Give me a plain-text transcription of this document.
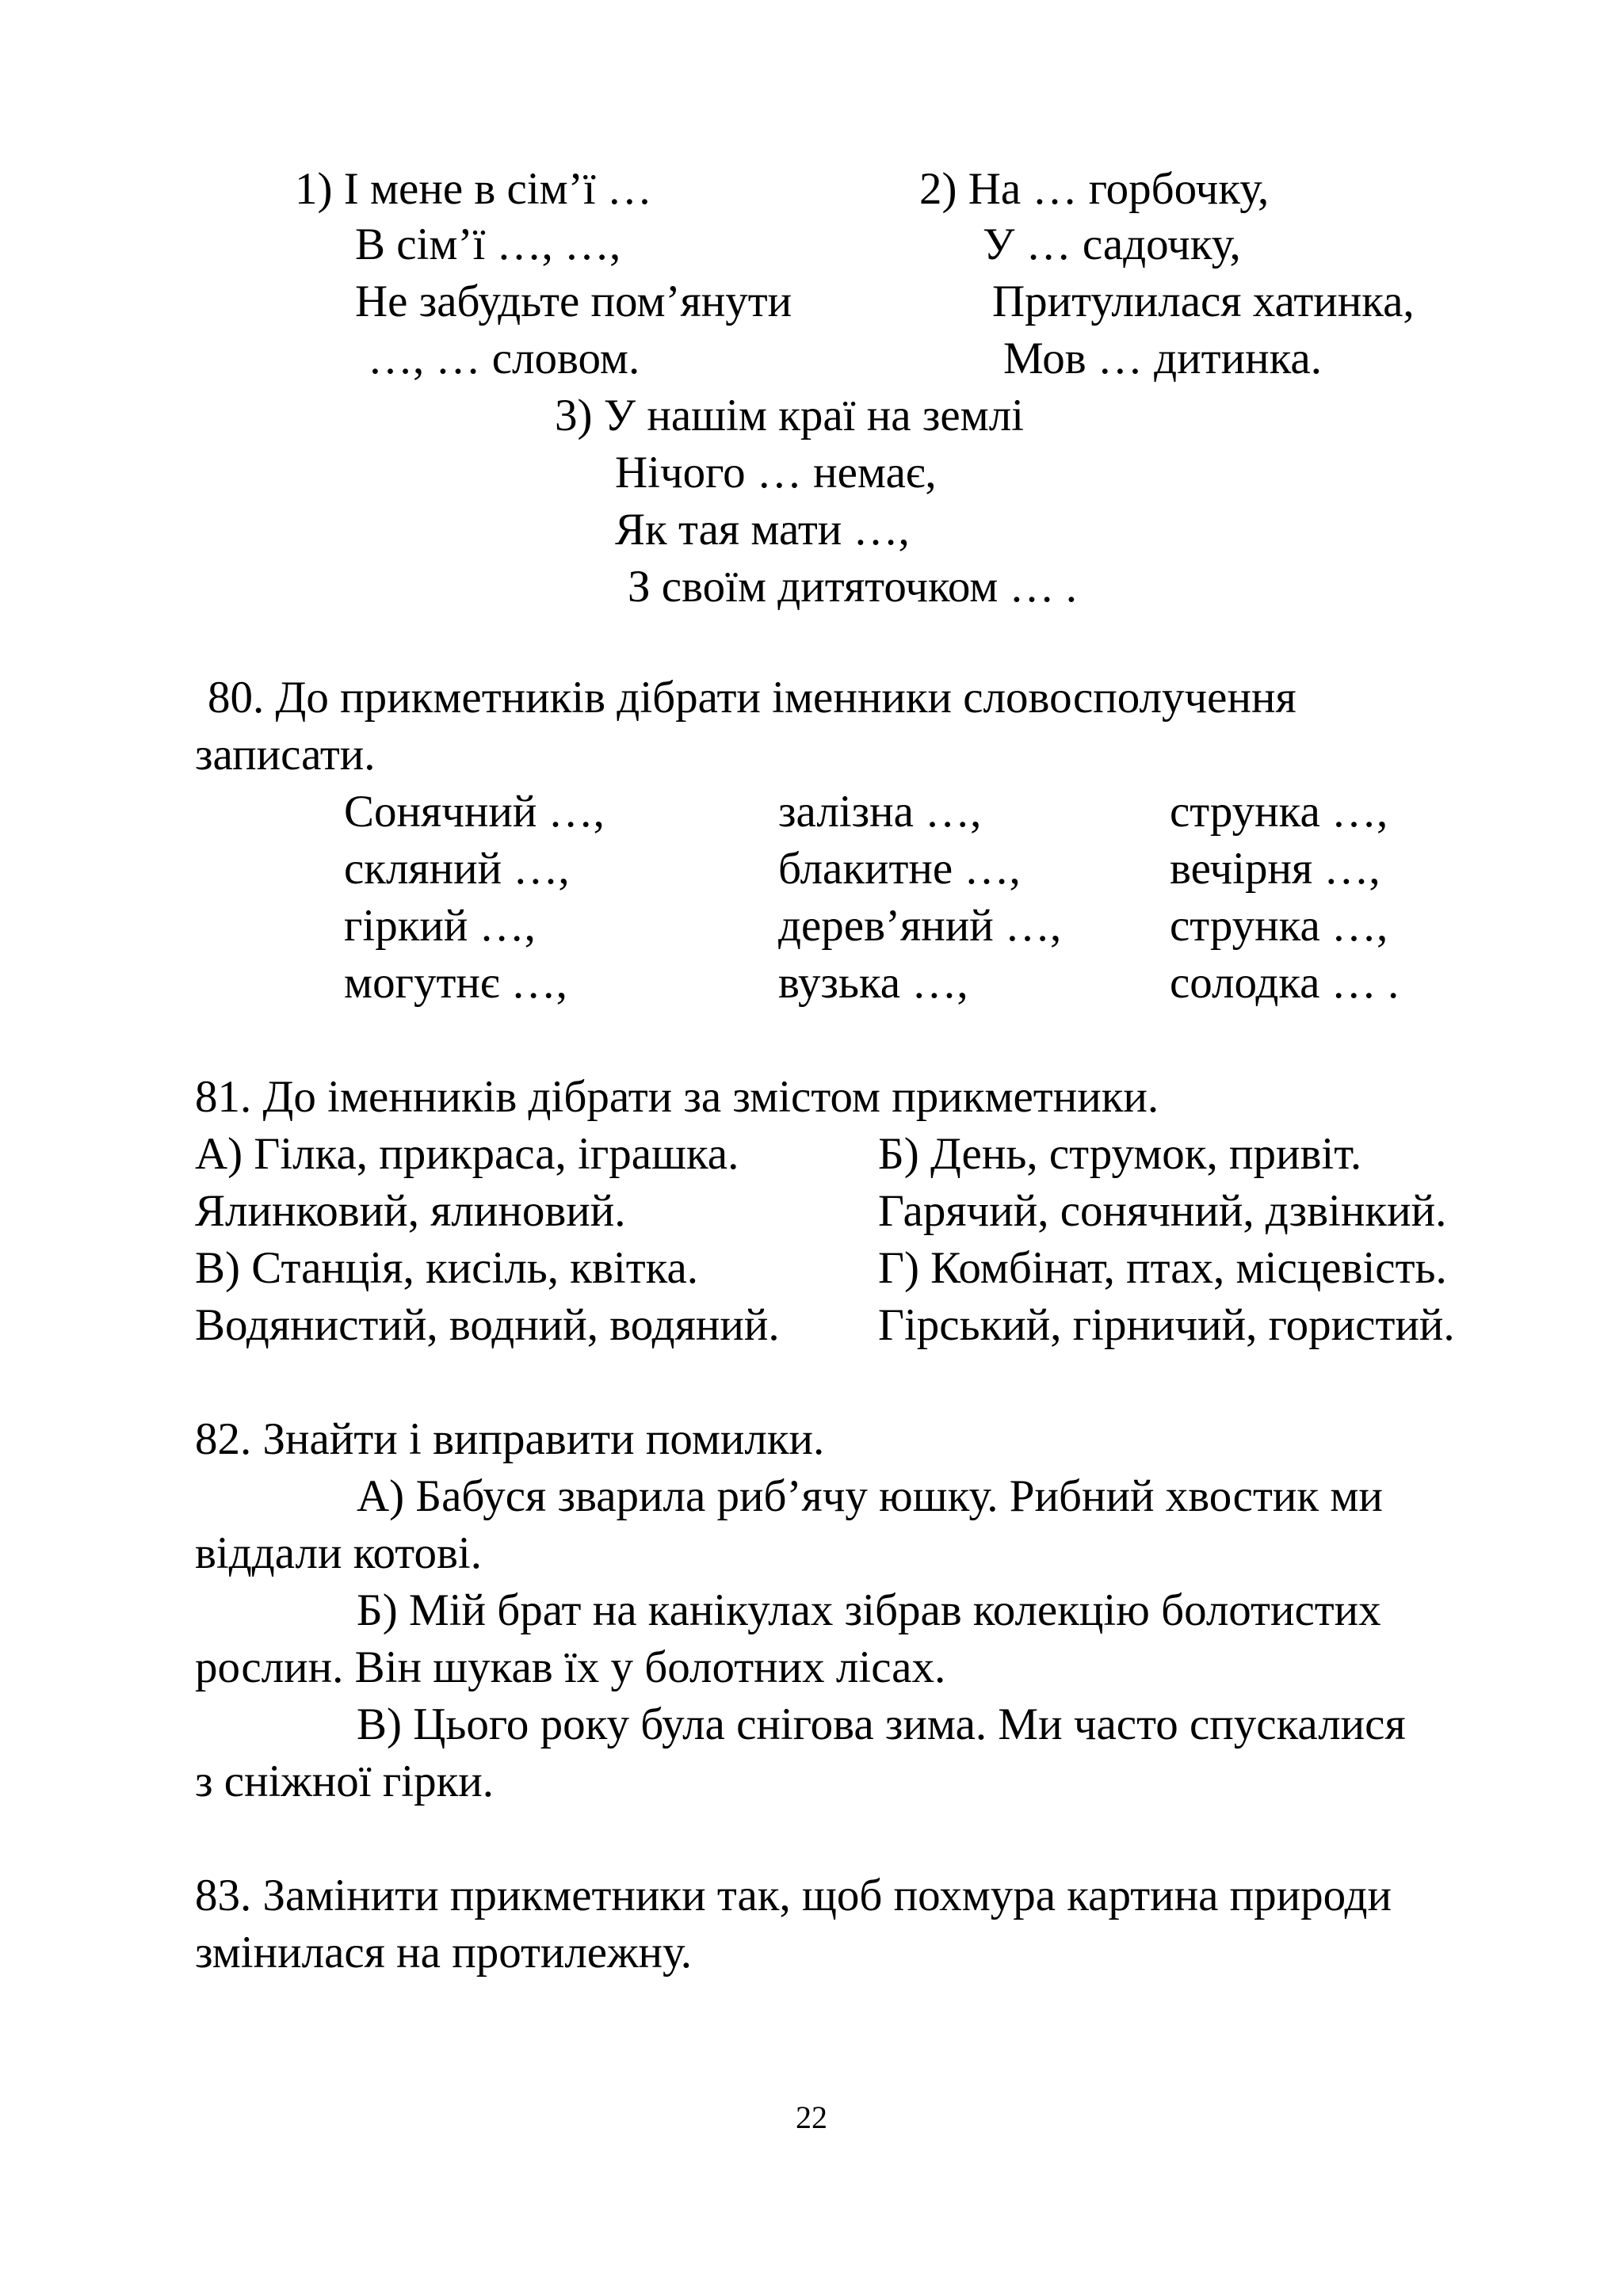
1) І мене в сім’ї …
В сім’ї …, …,
Не забудьте пом’янути
…, … словом.
2) На … горбочку,
У … садочку,
Притулилася хатинка,
Мов … дитинка.
3) У нашім краї на землі
Нічого … немає,
Як тая мати …,
З своїм дитяточком … .
80. До прикметників дібрати іменники словосполучення
записати.
Сонячний …,
скляний …,
гіркий …,
могутнє …,
залізна …,
блакитне …,
дерев’яний …,
вузька …,
струнка …,
вечірня …,
струнка …,
солодка … .
81. До іменників дібрати за змістом прикметники.
А) Гілка, прикраса, іграшка.
Ялинковий, ялиновий.
В) Станція, кисіль, квітка.
Водянистий, водний, водяний.
Б) День, струмок, привіт.
Гарячий, сонячний, дзвінкий.
Г) Комбінат, птах, місцевість.
Гірський, гірничий, гористий.
82. Знайти і виправити помилки.
А) Бабуся зварила риб’ячу юшку. Рибний хвостик ми
віддали котові.
Б) Мій брат на канікулах зібрав колекцію болотистих
рослин. Він шукав їх у болотних лісах.
В) Цього року була снігова зима. Ми часто спускалися
з сніжної гірки.
83. Замінити прикметники так, щоб похмура картина природи
змінилася на протилежну.
22
